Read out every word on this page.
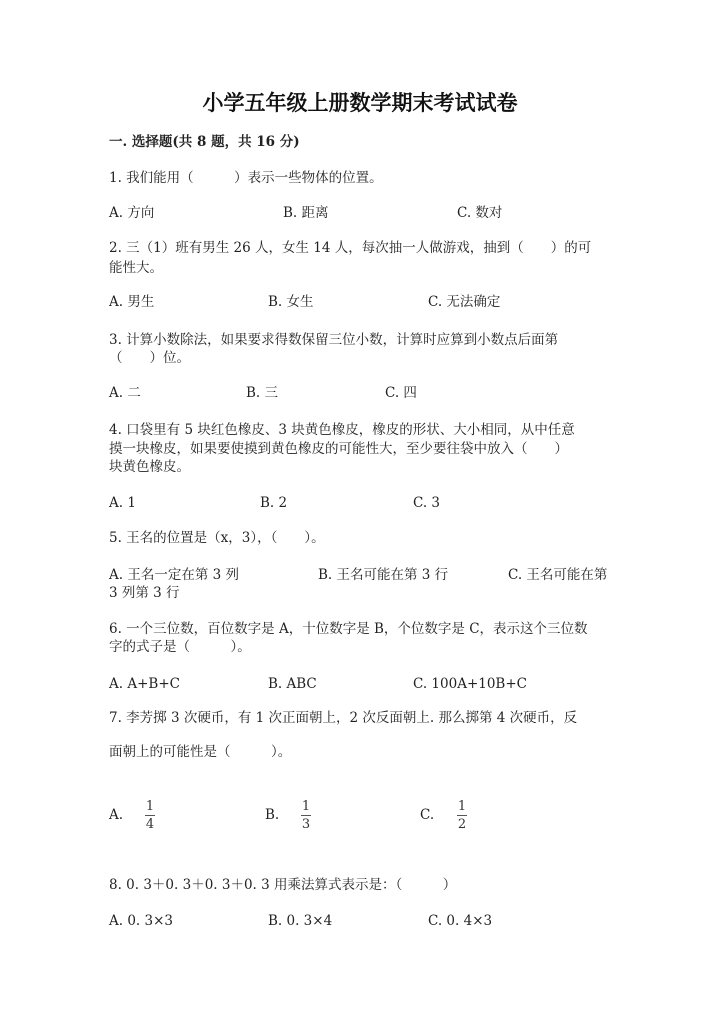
小学五年级上册数学期末考试试卷
一. 选择题(共 8 题，共 16 分)
1. 我们能用（　　　）表示一些物体的位置。
A. 方向	B. 距离	C. 数对
2. 三（1）班有男生 26 人，女生 14 人，每次抽一人做游戏，抽到（　　）的可
能性大。
A. 男生	B. 女生	C. 无法确定
3. 计算小数除法，如果要求得数保留三位小数，计算时应算到小数点后面第
（　　）位。
A. 二	B. 三	C. 四
4. 口袋里有 5 块红色橡皮、3 块黄色橡皮，橡皮的形状、大小相同，从中任意
摸一块橡皮，如果要使摸到黄色橡皮的可能性大，至少要往袋中放入（　　）
块黄色橡皮。
A. 1	B. 2	C. 3
5. 王名的位置是（x，3），（　　）。
A. 王名一定在第 3 列	B. 王名可能在第 3 行	C. 王名可能在第
3 列第 3 行
6. 一个三位数，百位数字是 A，十位数字是 B，个位数字是 C，表示这个三位数
字的式子是（　　　）。
A. A+B+C	B. ABC	C. 100A+10B+C
7. 李芳掷 3 次硬币，有 1 次正面朝上，2 次反面朝上. 那么掷第 4 次硬币，反
面朝上的可能性是（　　　）。
A.
1
4
B.
1
3
C.
1
2
8. 0. 3＋0. 3＋0. 3＋0. 3 用乘法算式表示是：（　　　）
A. 0. 3×3	B. 0. 3×4	C. 0. 4×3
